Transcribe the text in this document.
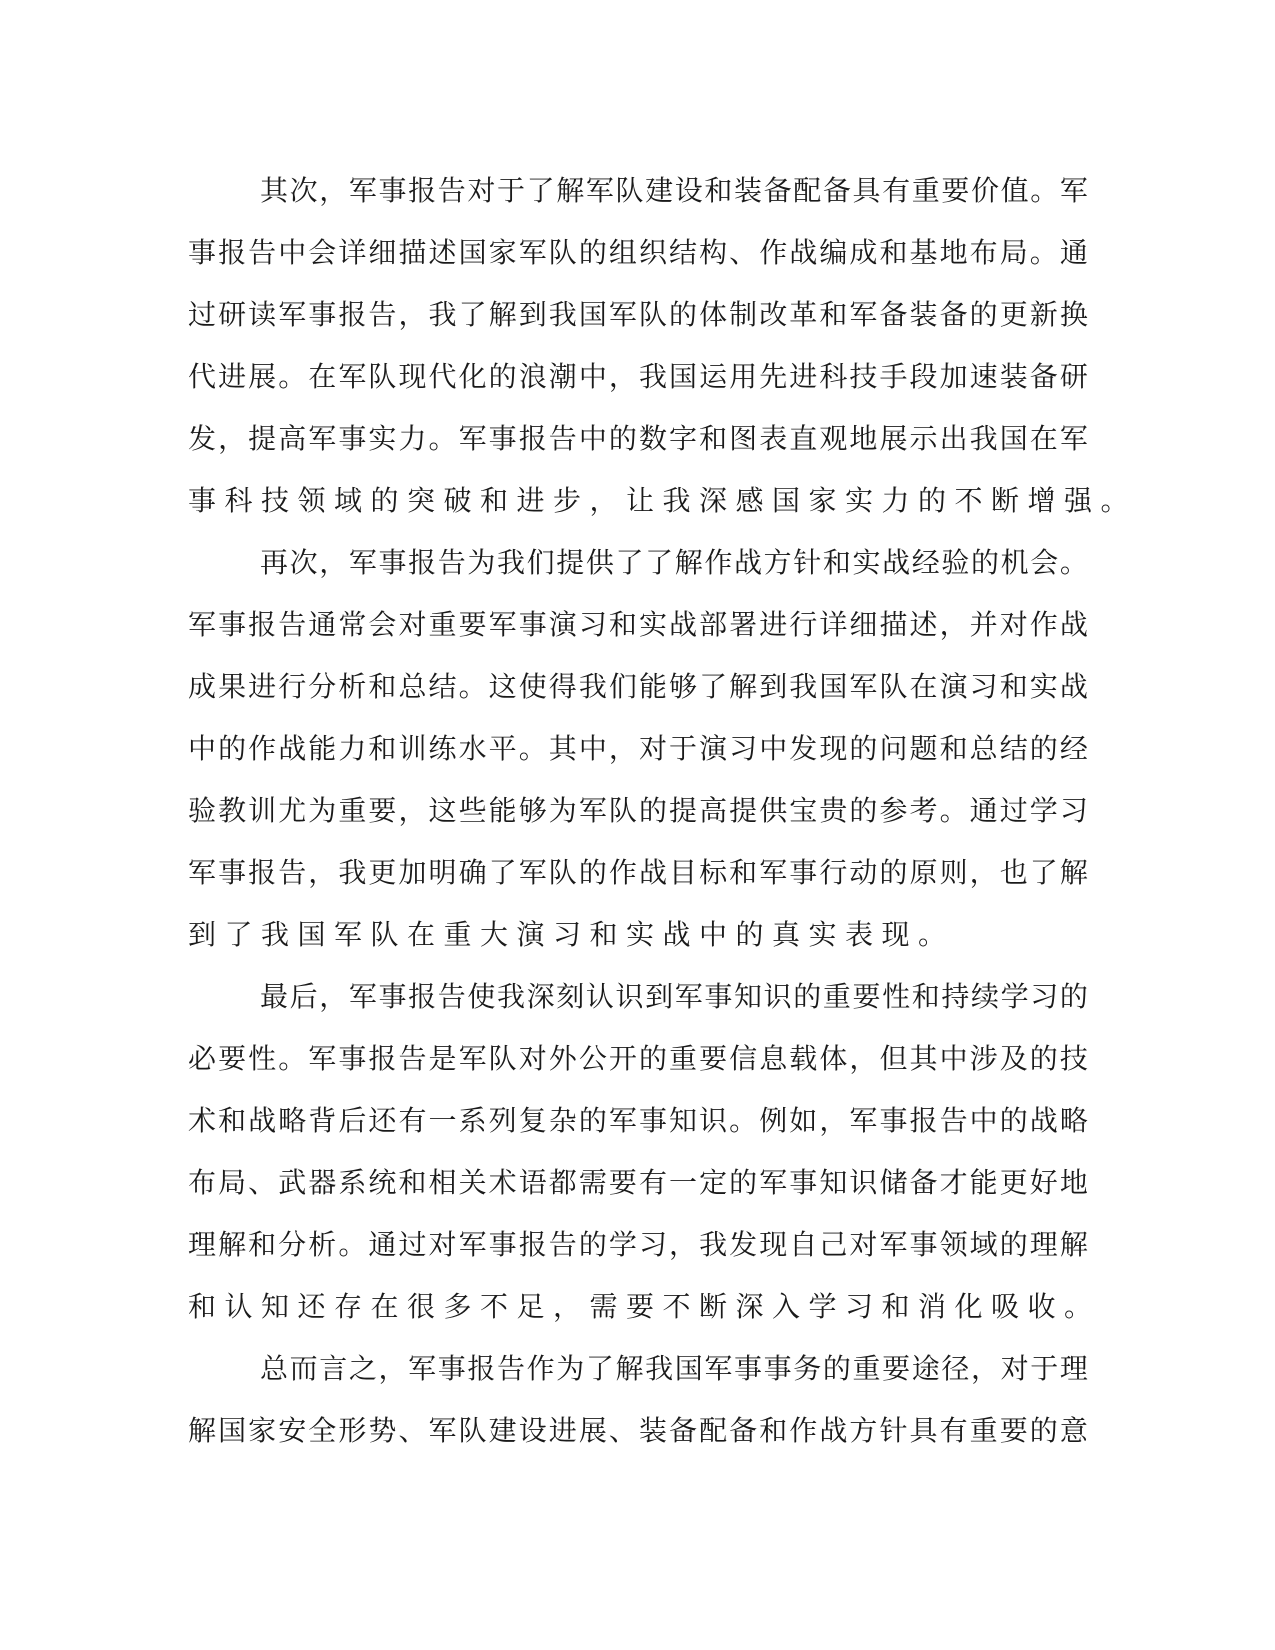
其 次 ， 军 事 报 告 对 于 了 解 军 队 建 设 和 装 备 配 备 具 有 重 要 价 值 。 军
事 报 告 中 会 详 细 描 述 国 家 军 队 的 组 织 结 构 、 作 战 编 成 和 基 地 布 局 。 通
过 研 读 军 事 报 告 ， 我 了 解 到 我 国 军 队 的 体 制 改 革 和 军 备 装 备 的 更 新 换
代 进 展 。 在 军 队 现 代 化 的 浪 潮 中 ， 我 国 运 用 先 进 科 技 手 段 加 速 装 备 研
发 ， 提 高 军 事 实 力 。 军 事 报 告 中 的 数 字 和 图 表 直 观 地 展 示 出 我 国 在 军
事科技领域的突破和进步，让我深感国家实力的不断增强。
再 次 ， 军 事 报 告 为 我 们 提 供 了 了 解 作 战 方 针 和 实 战 经 验 的 机 会 。
军 事 报 告 通 常 会 对 重 要 军 事 演 习 和 实 战 部 署 进 行 详 细 描 述 ， 并 对 作 战
成 果 进 行 分 析 和 总 结 。 这 使 得 我 们 能 够 了 解 到 我 国 军 队 在 演 习 和 实 战
中 的 作 战 能 力 和 训 练 水 平 。 其 中 ， 对 于 演 习 中 发 现 的 问 题 和 总 结 的 经
验 教 训 尤 为 重 要 ， 这 些 能 够 为 军 队 的 提 高 提 供 宝 贵 的 参 考 。 通 过 学 习
军 事 报 告 ， 我 更 加 明 确 了 军 队 的 作 战 目 标 和 军 事 行 动 的 原 则 ， 也 了 解
到了我国军队在重大演习和实战中的真实表现。
最 后 ， 军 事 报 告 使 我 深 刻 认 识 到 军 事 知 识 的 重 要 性 和 持 续 学 习 的
必 要 性 。 军 事 报 告 是 军 队 对 外 公 开 的 重 要 信 息 载 体 ， 但 其 中 涉 及 的 技
术 和 战 略 背 后 还 有 一 系 列 复 杂 的 军 事 知 识 。 例 如 ， 军 事 报 告 中 的 战 略
布 局 、 武 器 系 统 和 相 关 术 语 都 需 要 有 一 定 的 军 事 知 识 储 备 才 能 更 好 地
理 解 和 分 析 。 通 过 对 军 事 报 告 的 学 习 ， 我 发 现 自 己 对 军 事 领 域 的 理 解
和认知还存在很多不足，需要不断深入学习和消化吸收。
总 而 言 之 ， 军 事 报 告 作 为 了 解 我 国 军 事 事 务 的 重 要 途 径 ， 对 于 理
解 国 家 安 全 形 势 、 军 队 建 设 进 展 、 装 备 配 备 和 作 战 方 针 具 有 重 要 的 意
